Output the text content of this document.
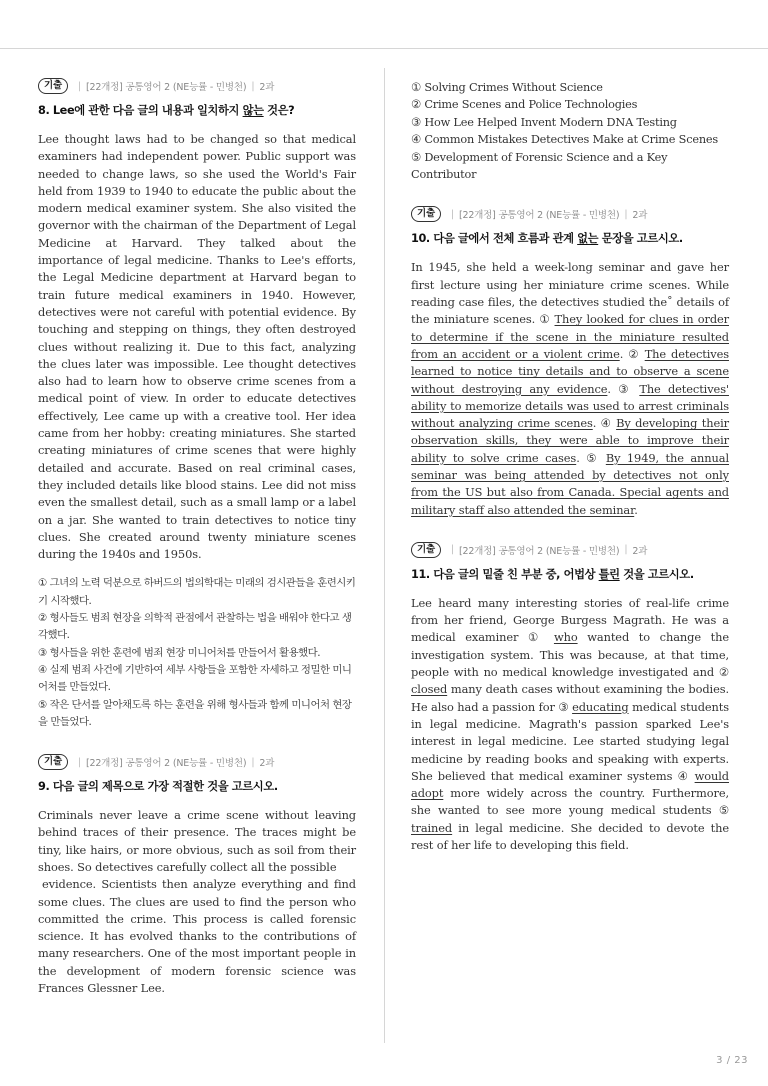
기출	| [22개정] 공통영어 2 (NE능률 - 민병천) | 2과
8. Lee에 관한 다음 글의 내용과 일치하지 않는 것은?

Lee thought laws had to be changed so that medical examiners had independent power. Public support was needed to change laws, so she used the World's Fair held from 1939 to 1940 to educate the public about the modern medical examiner system. She also visited the governor with the chairman of the Department of Legal Medicine at Harvard. They talked about the importance of legal medicine. Thanks to Lee's efforts, the Legal Medicine department at Harvard began to train future medical examiners in 1940. However, detectives were not careful with potential evidence. By touching and stepping on things, they often destroyed clues without realizing it. Due to this fact, analyzing the clues later was impossible. Lee thought detectives also had to learn how to observe crime scenes from a medical point of view. In order to educate detectives effectively, Lee came up with a creative tool. Her idea came from her hobby: creating miniatures. She started creating miniatures of crime scenes that were highly detailed and accurate. Based on real criminal cases, they included details like blood stains. Lee did not miss even the smallest detail, such as a small lamp or a label on a jar. She wanted to train detectives to notice tiny clues. She created around twenty miniature scenes during the 1940s and 1950s.

① 그녀의 노력 덕분으로 하버드의 법의학대는 미래의 검시관들을 훈련시키기 시작했다.
② 형사들도 범죄 현장을 의학적 관점에서 관찰하는 법을 배워야 한다고 생각했다.
③ 형사들을 위한 훈련에 범죄 현장 미니어처를 만들어서 활용했다.
④ 실제 범죄 사건에 기반하여 세부 사항들을 포함한 자세하고 정밀한 미니어처를 만들었다.
⑤ 작은 단서를 알아채도록 하는 훈련을 위해 형사들과 함께 미니어처 현장을 만들었다.
기출	| [22개정] 공통영어 2 (NE능률 - 민병천) | 2과
9. 다음 글의 제목으로 가장 적절한 것을 고르시오.

Criminals never leave a crime scene without leaving behind traces of their presence. The traces might be tiny, like hairs, or more obvious, such as soil from their shoes. So detectives carefully collect all the possible

evidence. Scientists then analyze everything and find some clues. The clues are used to find the person who committed the crime. This process is called forensic science. It has evolved thanks to the contributions of many researchers. One of the most important people in the development of modern forensic science was Frances Glessner Lee.

① Solving Crimes Without Science
② Crime Scenes and Police Technologies
③ How Lee Helped Invent Modern DNA Testing
④ Common Mistakes Detectives Make at Crime Scenes
⑤ Development of Forensic Science and a Key Contributor
기출	| [22개정] 공통영어 2 (NE능률 - 민병천) | 2과
10. 다음 글에서 전체 흐름과 관계 없는 문장을 고르시오.

In 1945, she held a week-long seminar and gave her first lecture using her miniature crime scenes. While reading case files, the detectives studied the˚ details of the miniature scenes. ① They looked for clues in order to determine if the scene in the miniature resulted from an accident or a violent crime. ② The detectives learned to notice tiny details and to observe a scene without destroying any evidence. ③ The detectives' ability to memorize details was used to arrest criminals without analyzing crime scenes. ④ By developing their observation skills, they were able to improve their ability to solve crime cases. ⑤ By 1949, the annual seminar was being attended by detectives not only from the US but also from Canada. Special agents and military staff also attended the seminar.

기출	| [22개정] 공통영어 2 (NE능률 - 민병천) | 2과
11. 다음 글의 밑줄 친 부분 중, 어법상 틀린 것을 고르시오.

Lee heard many interesting stories of real-life crime from her friend, George Burgess Magrath. He was a medical examiner ① who wanted to change the investigation system. This was because, at that time, people with no medical knowledge investigated and ② closed many death cases without examining the bodies. He also had a passion for ③ educating medical students in legal medicine. Magrath's passion sparked Lee's interest in legal medicine. Lee started studying legal medicine by reading books and speaking with experts. She believed that medical examiner systems ④ would adopt more widely across the country. Furthermore, she wanted to see more young medical students ⑤ trained in legal medicine. She decided to devote the rest of her life to developing this field.

3 / 23
